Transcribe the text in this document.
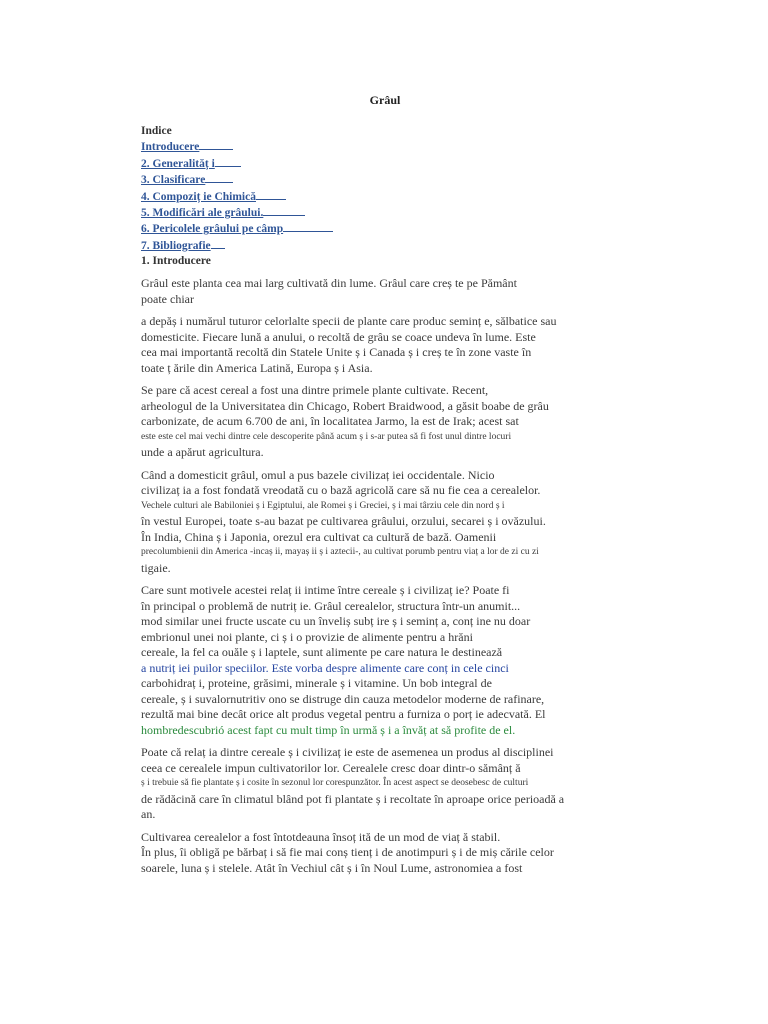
Grâul
Indice
Introducere
2. Generalităț i
3. Clasificare
4. Compoziț ie Chimică
5. Modificări ale grâului.
6. Pericolele grâului pe câmp
7. Bibliografie
1. Introducere

Grâul este planta cea mai larg cultivată din lume. Grâul care creș te pe Pământ
poate chiar

a depăș i numărul tuturor celorlalte specii de plante care produc seminț e, sălbatice sau
domesticite. Fiecare lună a anului, o recoltă de grâu se coace undeva în lume. Este
cea mai importantă recoltă din Statele Unite ș i Canada ș i creș te în zone vaste în
toate ț ările din America Latină, Europa ș i Asia.

Se pare că acest cereal a fost una dintre primele plante cultivate. Recent,
arheologul de la Universitatea din Chicago, Robert Braidwood, a găsit boabe de grâu
carbonizate, de acum 6.700 de ani, în localitatea Jarmo, la est de Irak; acest sat
este este cel mai vechi dintre cele descoperite până acum ș i s-ar putea să fi fost unul dintre locuri
unde a apărut agricultura.

Când a domesticit grâul, omul a pus bazele civilizaț iei occidentale. Nicio
civilizaț ia a fost fondată vreodată cu o bază agricolă care să nu fie cea a cerealelor.
Vechele culturi ale Babiloniei ș i Egiptului, ale Romei ș i Greciei, ș i mai târziu cele din nord ș i
în vestul Europei, toate s-au bazat pe cultivarea grâului, orzului, secarei ș i ovăzului.
În India, China ș i Japonia, orezul era cultivat ca cultură de bază. Oamenii
precolumbienii din America -incaș ii, mayaș ii ș i aztecii-, au cultivat porumb pentru viaț a lor de zi cu zi
tigaie.

Care sunt motivele acestei relaț ii intime între cereale ș i civilizaț ie? Poate fi
în principal o problemă de nutriț ie. Grâul cerealelor, structura într-un anumit...
mod similar unei fructe uscate cu un înveliș subț ire ș i seminț a, conț ine nu doar
embrionul unei noi plante, ci ș i o provizie de alimente pentru a hrăni
cereale, la fel ca ouăle ș i laptele, sunt alimente pe care natura le destinează
a nutriț iei puilor speciilor. Este vorba despre alimente care conț in cele cinci
carbohidraț i, proteine, grăsimi, minerale ș i vitamine. Un bob integral de
cereale, ș i suvalornutritiv ono se distruge din cauza metodelor moderne de rafinare,
rezultă mai bine decât orice alt produs vegetal pentru a furniza o porț ie adecvată. El
hombredescubrió acest fapt cu mult timp în urmă ș i a învăț at să profite de el.

Poate că relaț ia dintre cereale ș i civilizaț ie este de asemenea un produs al disciplinei
ceea ce cerealele impun cultivatorilor lor. Cerealele cresc doar dintr-o sămânț ă
ș i trebuie să fie plantate ș i cosite în sezonul lor corespunzător. În acest aspect se deosebesc de culturi
de rădăcină care în climatul blând pot fi plantate ș i recoltate în aproape orice perioadă a
an.

Cultivarea cerealelor a fost întotdeauna însoț ită de un mod de viaț ă stabil.
În plus, îi obligă pe bărbaț i să fie mai conș tienț i de anotimpuri ș i de miș cările celor
soarele, luna ș i stelele. Atât în Vechiul cât ș i în Noul Lume, astronomiea a fost
